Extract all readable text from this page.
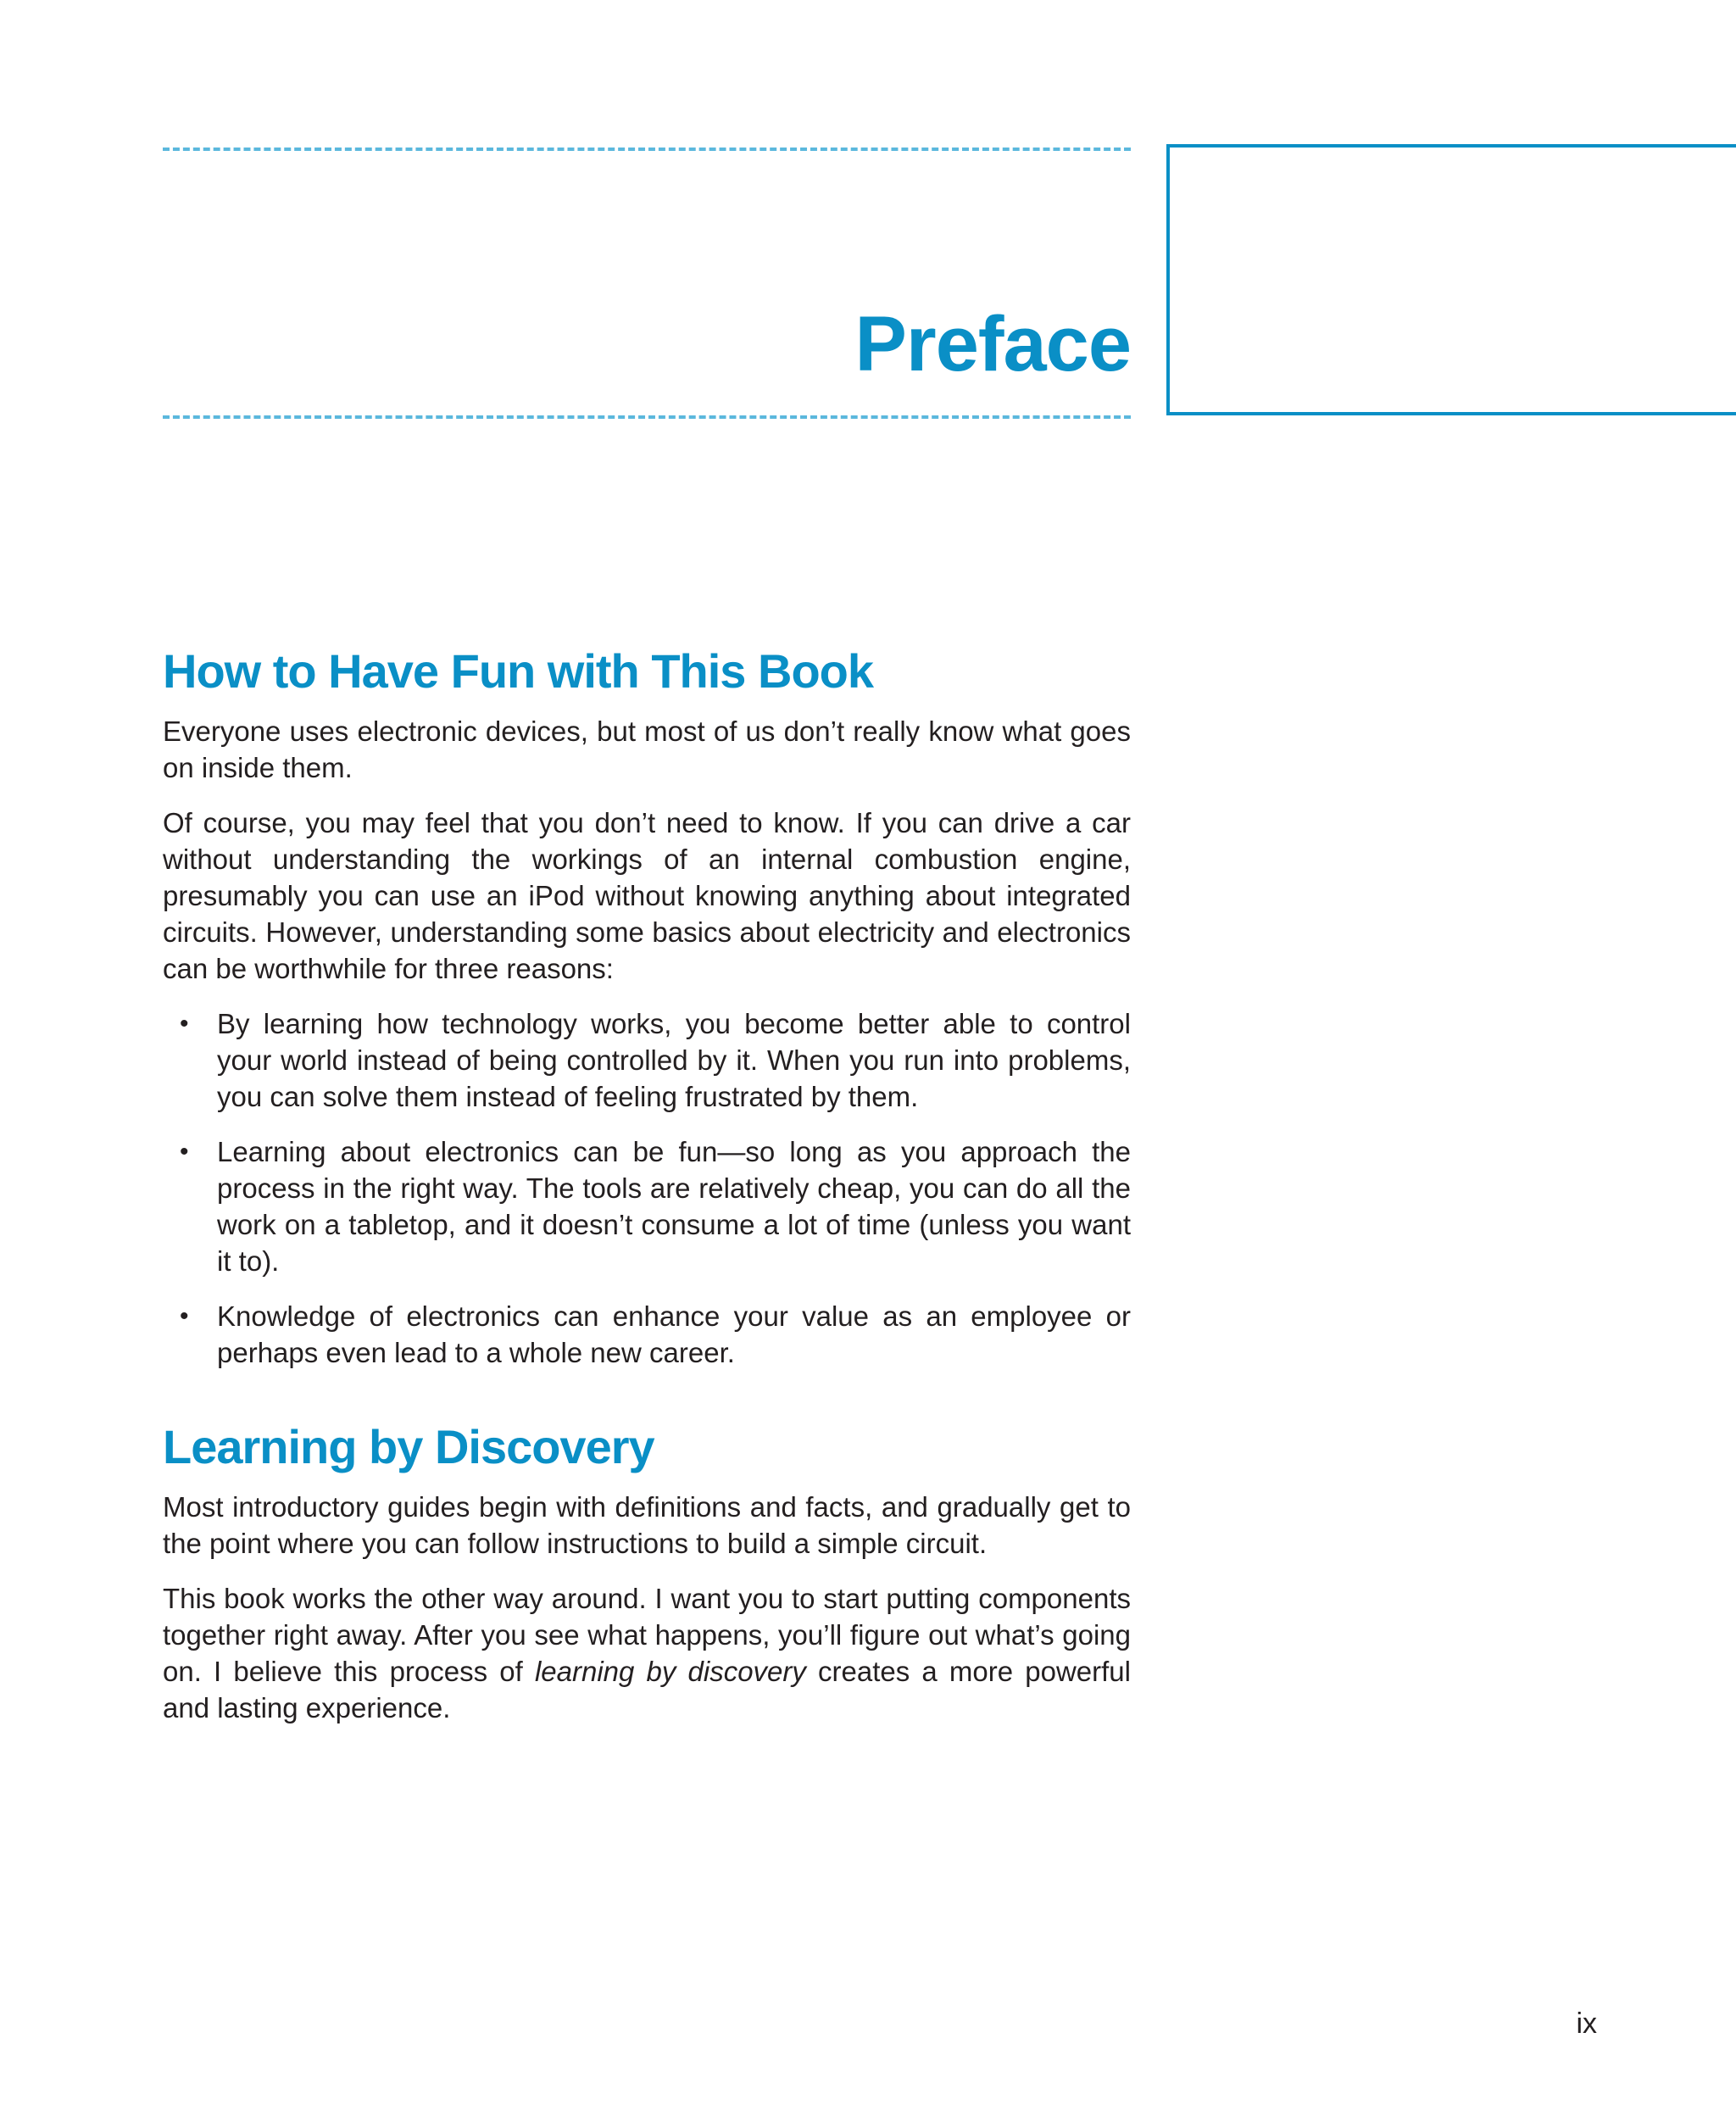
Preface
How to Have Fun with This Book

Everyone uses electronic devices, but most of us don’t really know what goes on inside them.

Of course, you may feel that you don’t need to know. If you can drive a car without understanding the workings of an internal combustion engine, presumably you can use an iPod without knowing anything about integrated circuits. However, understanding some basics about electricity and electronics can be worthwhile for three reasons:

• By learning how technology works, you become better able to control your world instead of being controlled by it. When you run into problems, you can solve them instead of feeling frustrated by them.
• Learning about electronics can be fun—so long as you approach the process in the right way. The tools are relatively cheap, you can do all the work on a tabletop, and it doesn’t consume a lot of time (unless you want it to).
• Knowledge of electronics can enhance your value as an employee or perhaps even lead to a whole new career.
Learning by Discovery

Most introductory guides begin with definitions and facts, and gradually get to the point where you can follow instructions to build a simple circuit.

This book works the other way around. I want you to start putting components together right away. After you see what happens, you’ll figure out what’s going on. I believe this process of learning by discovery creates a more powerful and lasting experience.

ix
